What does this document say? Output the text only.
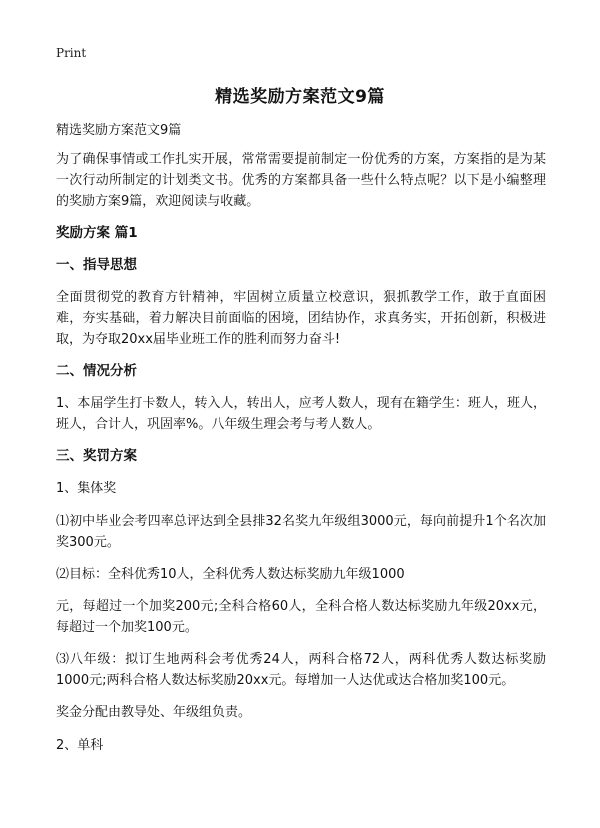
Print
精选奖励方案范文9篇

精选奖励方案范文9篇

为了确保事情或工作扎实开展，常常需要提前制定一份优秀的方案，方案指的是为某一次行动所制定的计划类文书。优秀的方案都具备一些什么特点呢？以下是小编整理的奖励方案9篇，欢迎阅读与收藏。

奖励方案 篇1

一、指导思想

全面贯彻党的教育方针精神，牢固树立质量立校意识，狠抓教学工作，敢于直面困难，夯实基础，着力解决目前面临的困境，团结协作，求真务实，开拓创新，积极进取，为夺取20xx届毕业班工作的胜利而努力奋斗!

二、情况分析

1、本届学生打卡数人，转入人，转出人，应考人数人，现有在籍学生：班人，班人，班人，合计人，巩固率%。八年级生理会考与考人数人。

三、奖罚方案

1、集体奖

⑴初中毕业会考四率总评达到全县排32名奖九年级组3000元，每向前提升1个名次加奖300元。

⑵目标：全科优秀10人，全科优秀人数达标奖励九年级1000

元，每超过一个加奖200元;全科合格60人，全科合格人数达标奖励九年级20xx元，每超过一个加奖100元。

⑶八年级：拟订生地两科会考优秀24人，两科合格72人，两科优秀人数达标奖励1000元;两科合格人数达标奖励20xx元。每增加一人达优或达合格加奖100元。

奖金分配由教导处、年级组负责。

2、单科
